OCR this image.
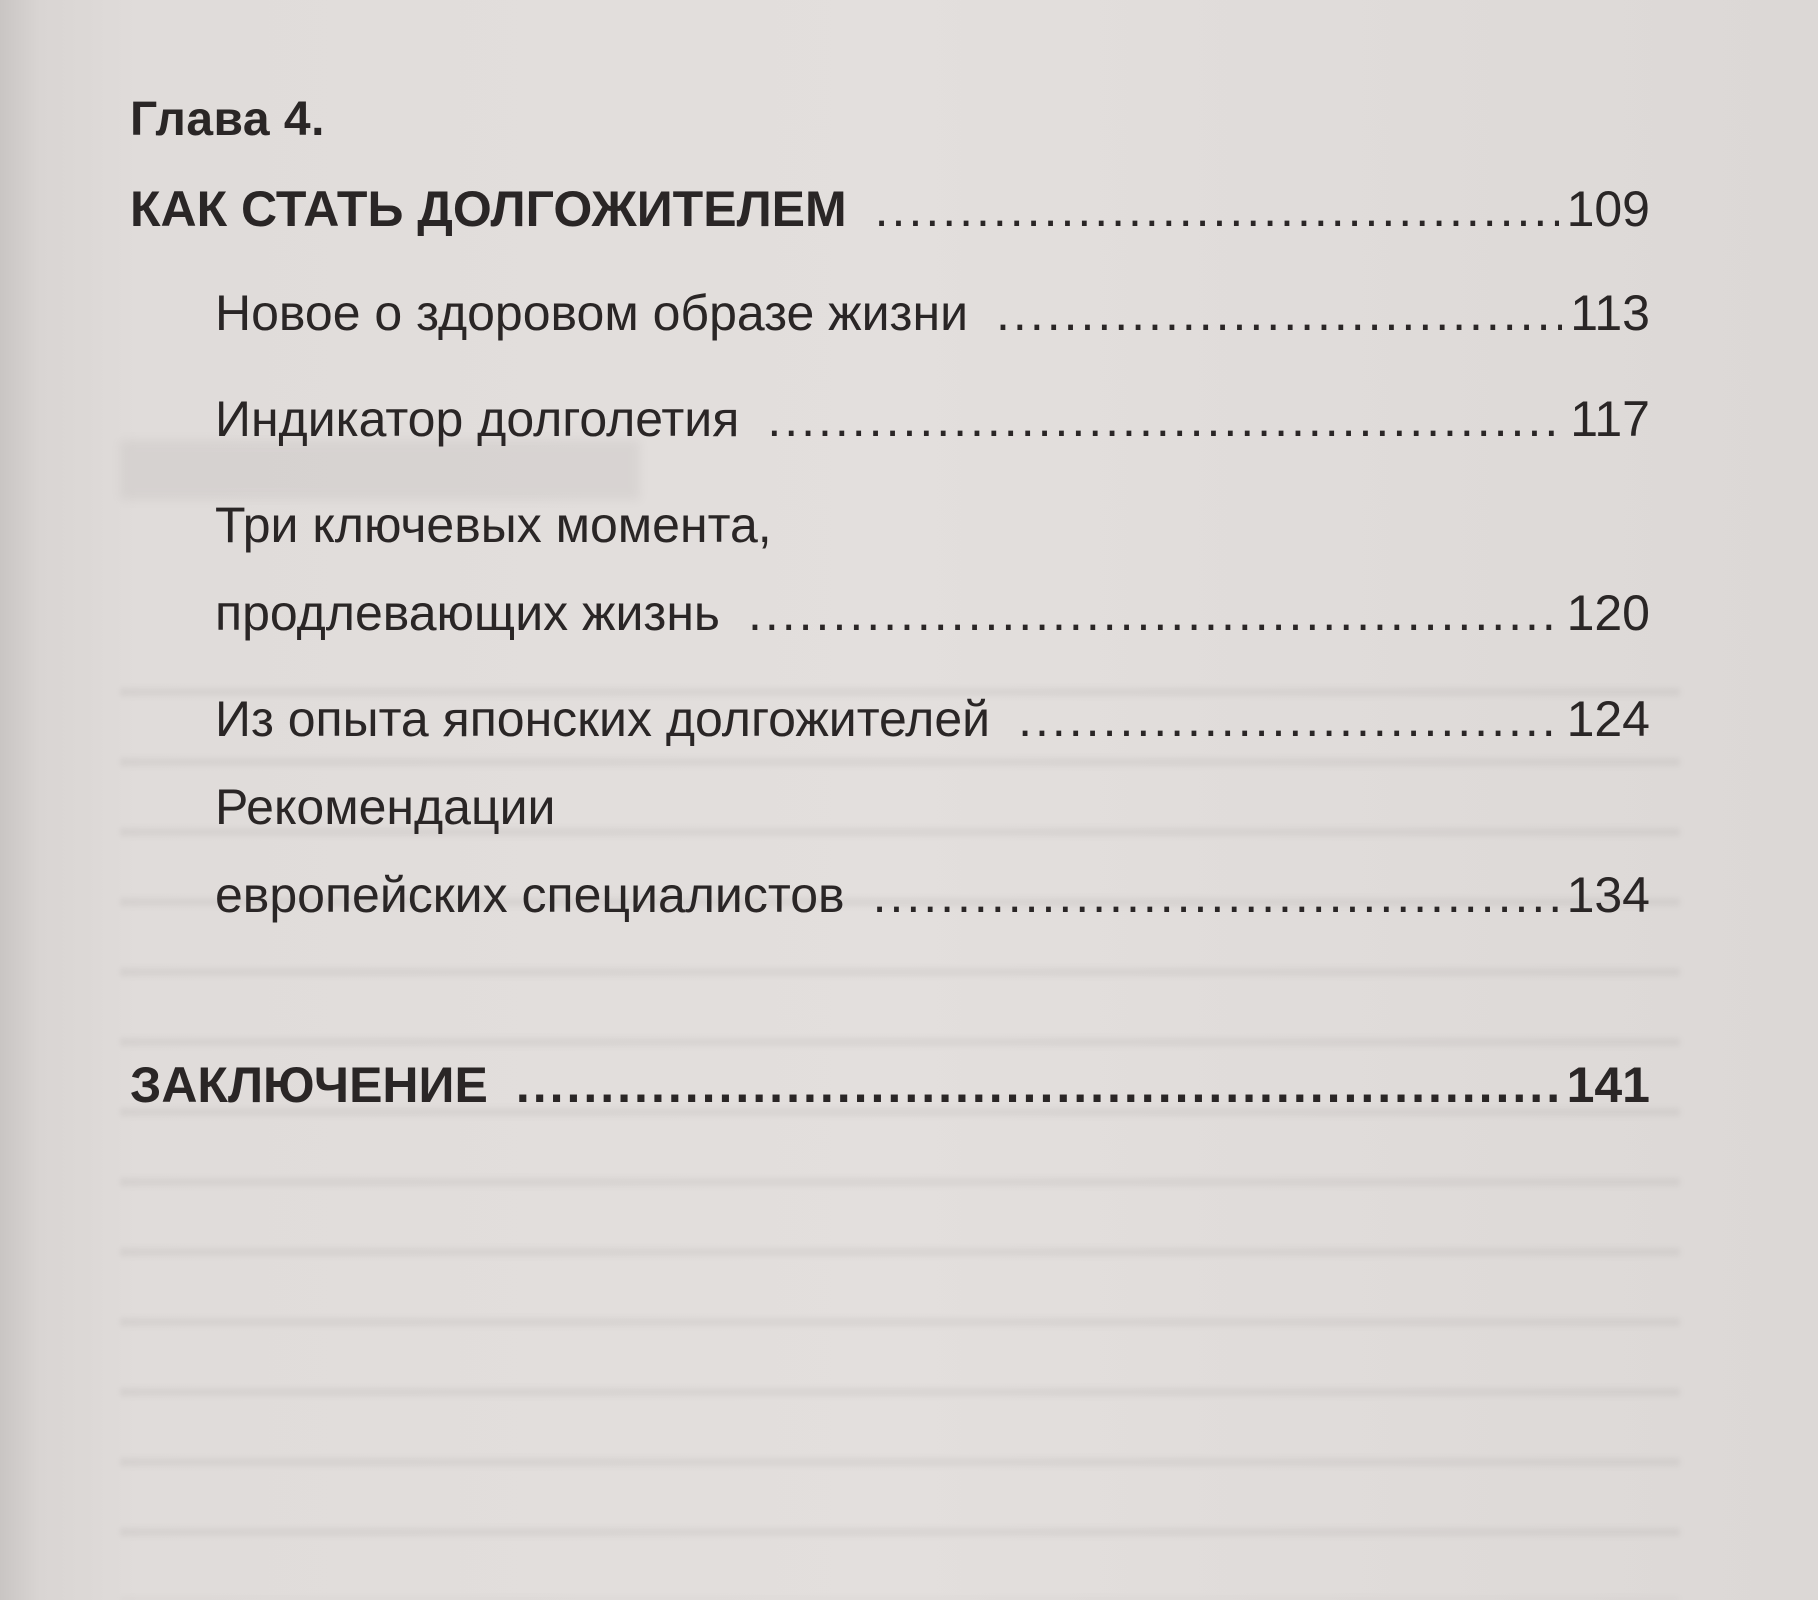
Глава 4.
КАК СТАТЬ ДОЛГОЖИТЕЛЕМ .....	109
Новое о здоровом образе жизни .....	113
Индикатор долголетия .....	117
Три ключевых момента,
продлевающих жизнь .....	120
Из опыта японских долгожителей .....	124
Рекомендации
европейских специалистов .....	134
ЗАКЛЮЧЕНИЕ .....	141
